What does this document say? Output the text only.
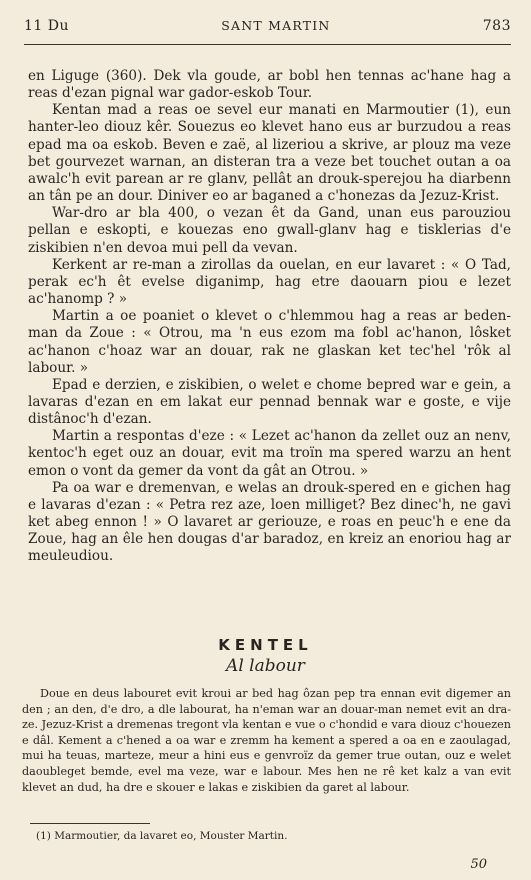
11 Du	SANT MARTIN	783

en Liguge (360). Dek vla goude, ar bobl hen tennas ac'hane hag a reas d'ezan pignal war gador-eskob Tour.

Kentan mad a reas oe sevel eur manati en Marmoutier (1), eun hanter-leo diouz kêr. Souezus eo klevet hano eus ar burzudou a reas epad ma oa eskob. Beven e zaë, al lizeriou a skrive, ar plouz ma veze bet gourvezet warnan, an disteran tra a veze bet touchet outan a oa awalc'h evit parean ar re glanv, pellât an drouk-sperejou ha diarbenn an tân pe an dour. Diniver eo ar baganed a c'honezas da Jezuz-Krist.

War-dro ar bla 400, o vezan êt da Gand, unan eus parouziou pellan e eskopti, e kouezas eno gwall-glanv hag e tisklerias d'e ziskibien n'en devoa mui pell da vevan.

Kerkent ar re-man a zirollas da ouelan, en eur lavaret : « O Tad, perak ec'h êt evelse diganimp, hag etre daouarn piou e lezet ac'hanomp ? »

Martin a oe poaniet o klevet o c'hlemmou hag a reas ar beden-man da Zoue : « Otrou, ma 'n eus ezom ma fobl ac'hanon, lôsket ac'hanon c'hoaz war an douar, rak ne glaskan ket tec'hel 'rôk al labour. »

Epad e derzien, e ziskibien, o welet e chome bepred war e gein, a lavaras d'ezan en em lakat eur pennad bennak war e goste, e vije distânoc'h d'ezan.

Martin a respontas d'eze : « Lezet ac'hanon da zellet ouz an nenv, kentoc'h eget ouz an douar, evit ma troïn ma spered warzu an hent emon o vont da gemer da vont da gât an Otrou. »

Pa oa war e dremenvan, e welas an drouk-spered en e gichen hag e lavaras d'ezan : « Petra rez aze, loen milliget? Bez dinec'h, ne gavi ket abeg ennon ! » O lavaret ar geriouze, e roas en peuc'h e ene da Zoue, hag an êle hen dougas d'ar baradoz, en kreiz an enoriou hag ar meuleudiou.

KENTEL
Al labour

Doue en deus labouret evit kroui ar bed hag ôzan pep tra ennan evit digemer an den ; an den, d'e dro, a dle labourat, ha n'eman war an douar-man nemet evit an dra-ze. Jezuz-Krist a dremenas tregont vla kentan e vue o c'hondid e vara diouz c'houezen e dâl. Kement a c'hened a oa war e zremm ha kement a spered a oa en e zaoulagad, mui ha teuas, marteze, meur a hini eus e genvroïz da gemer true outan, ouz e welet daoubleget bemde, evel ma veze, war e labour. Mes hen ne rê ket kalz a van evit klevet an dud, ha dre e skouer e lakas e ziskibien da garet al labour.

(1) Marmoutier, da lavaret eo, Mouster Martin.
50
